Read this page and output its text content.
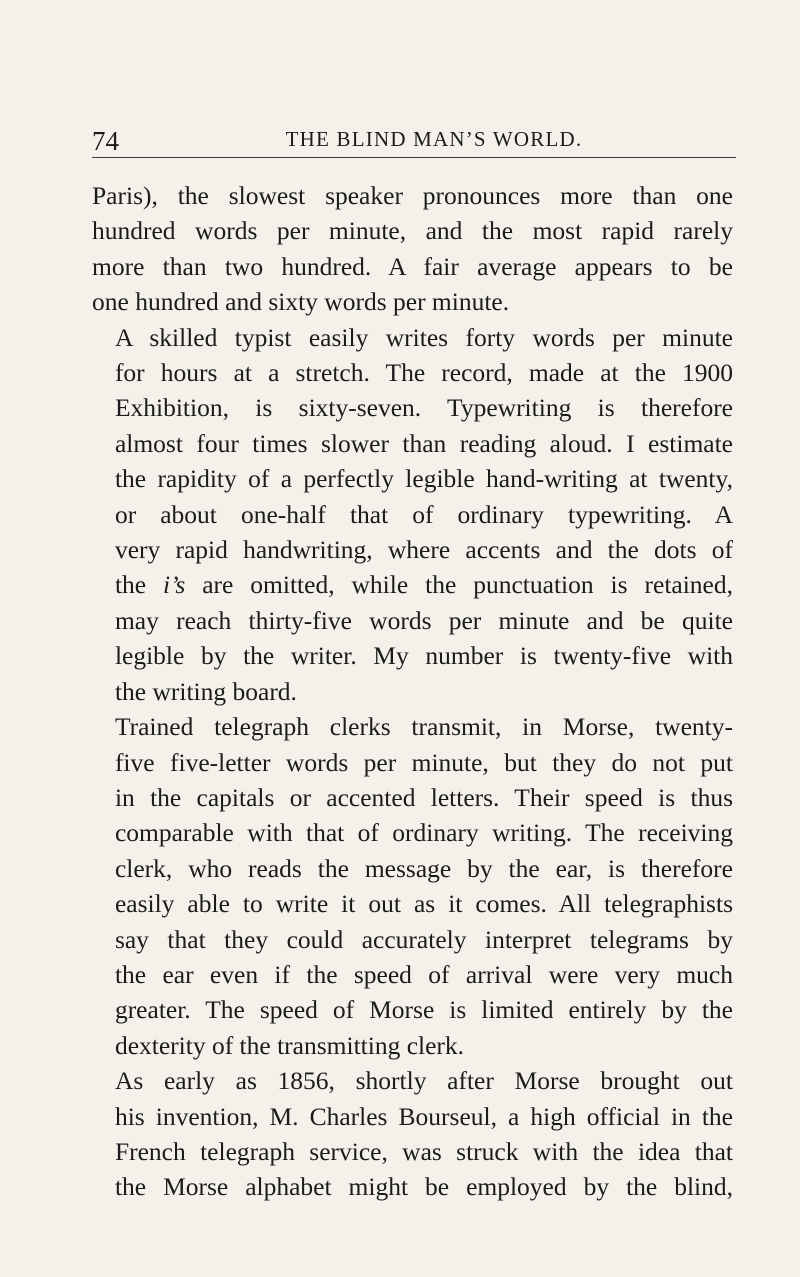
74	THE BLIND MAN’S WORLD.

Paris), the slowest speaker pronounces more than one
hundred words per minute, and the most rapid rarely
more than two hundred. A fair average appears to be
one hundred and sixty words per minute.

A skilled typist easily writes forty words per minute
for hours at a stretch. The record, made at the 1900
Exhibition, is sixty-seven. Typewriting is therefore
almost four times slower than reading aloud. I estimate
the rapidity of a perfectly legible hand-writing at twenty,
or about one-half that of ordinary typewriting. A
very rapid handwriting, where accents and the dots of
the i’s are omitted, while the punctuation is retained,
may reach thirty-five words per minute and be quite
legible by the writer. My number is twenty-five with
the writing board.

Trained telegraph clerks transmit, in Morse, twenty-
five five-letter words per minute, but they do not put
in the capitals or accented letters. Their speed is thus
comparable with that of ordinary writing. The receiving
clerk, who reads the message by the ear, is therefore
easily able to write it out as it comes. All telegraphists
say that they could accurately interpret telegrams by
the ear even if the speed of arrival were very much
greater. The speed of Morse is limited entirely by the
dexterity of the transmitting clerk.

As early as 1856, shortly after Morse brought out
his invention, M. Charles Bourseul, a high official in the
French telegraph service, was struck with the idea that
the Morse alphabet might be employed by the blind,
